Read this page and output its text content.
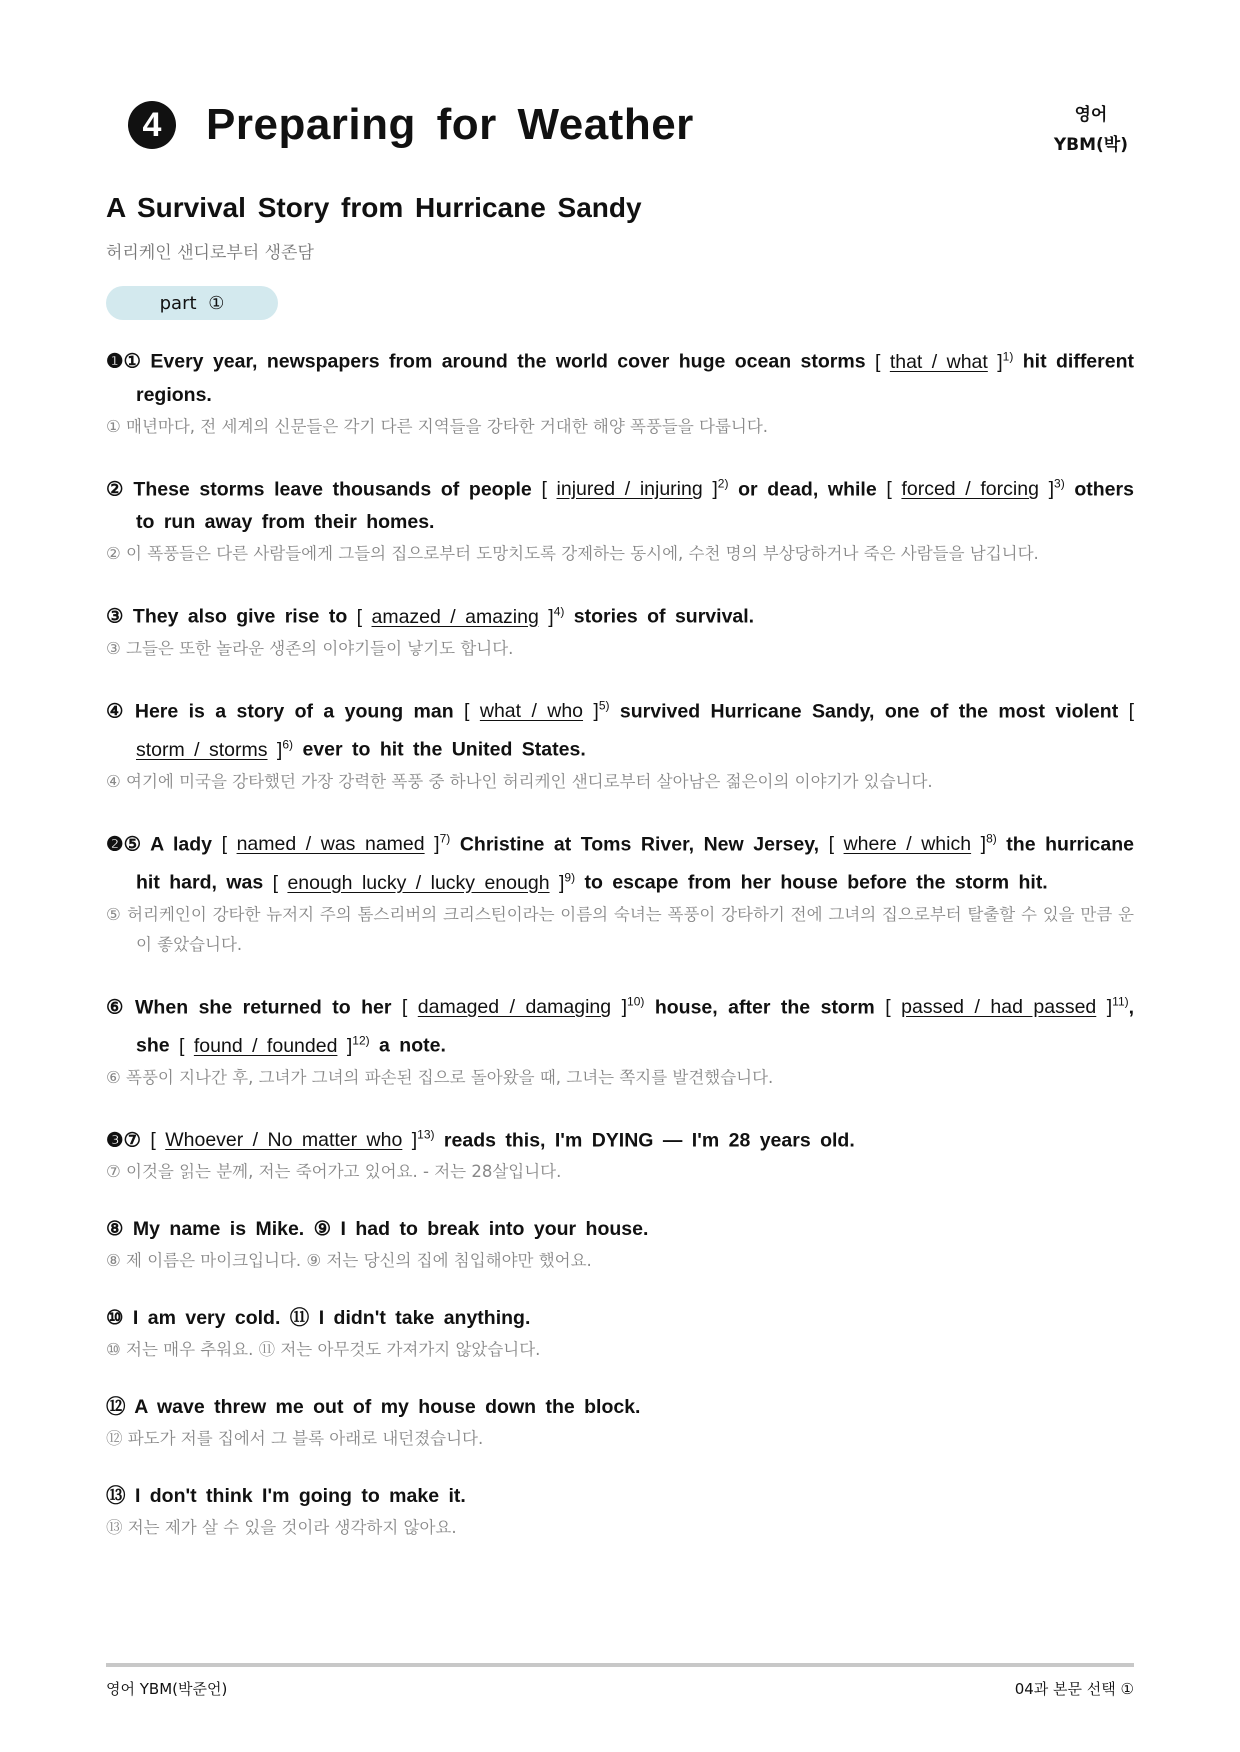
4	Preparing for Weather	영어
YBM(박)
A Survival Story from Hurricane Sandy
허리케인 샌디로부터 생존담
part ①
❶① Every year, newspapers from around the world cover huge ocean storms [ that / what ]$^{1)}$ hit different regions.
① 매년마다, 전 세계의 신문들은 각기 다른 지역들을 강타한 거대한 해양 폭풍들을 다룹니다.
② These storms leave thousands of people [ injured / injuring ]$^{2)}$ or dead, while [ forced / forcing ]$^{3)}$ others to run away from their homes.
② 이 폭풍들은 다른 사람들에게 그들의 집으로부터 도망치도록 강제하는 동시에, 수천 명의 부상당하거나 죽은 사람들을 남깁니다.
③ They also give rise to [ amazed / amazing ]$^{4)}$ stories of survival.
③ 그들은 또한 놀라운 생존의 이야기들이 낳기도 합니다.
④ Here is a story of a young man [ what / who ]$^{5)}$ survived Hurricane Sandy, one of the most violent [ storm / storms ]$^{6)}$ ever to hit the United States.
④ 여기에 미국을 강타했던 가장 강력한 폭풍 중 하나인 허리케인 샌디로부터 살아남은 젊은이의 이야기가 있습니다.
❷⑤ A lady [ named / was named ]$^{7)}$ Christine at Toms River, New Jersey, [ where / which ]$^{8)}$ the hurricane hit hard, was [ enough lucky / lucky enough ]$^{9)}$ to escape from her house before the storm hit.
⑤ 허리케인이 강타한 뉴저지 주의 톰스리버의 크리스틴이라는 이름의 숙녀는 폭풍이 강타하기 전에 그녀의 집으로부터 탈출할 수 있을 만큼 운이 좋았습니다.
⑥ When she returned to her [ damaged / damaging ]$^{10)}$ house, after the storm [ passed / had passed ]$^{11)}$, she [ found / founded ]$^{12)}$ a note.
⑥ 폭풍이 지나간 후, 그녀가 그녀의 파손된 집으로 돌아왔을 때, 그녀는 쪽지를 발견했습니다.
❸⑦ [ Whoever / No matter who ]$^{13)}$ reads this, I'm DYING — I'm 28 years old.
⑦ 이것을 읽는 분께, 저는 죽어가고 있어요. - 저는 28살입니다.
⑧ My name is Mike. ⑨ I had to break into your house.
⑧ 제 이름은 마이크입니다. ⑨ 저는 당신의 집에 침입해야만 했어요.
⑩ I am very cold. ⑪ I didn't take anything.
⑩ 저는 매우 추워요. ⑪ 저는 아무것도 가져가지 않았습니다.
⑫ A wave threw me out of my house down the block.
⑫ 파도가 저를 집에서 그 블록 아래로 내던졌습니다.
⑬ I don't think I'm going to make it.
⑬ 저는 제가 살 수 있을 것이라 생각하지 않아요.
영어 YBM(박준언)	04과 본문 선택 ①
